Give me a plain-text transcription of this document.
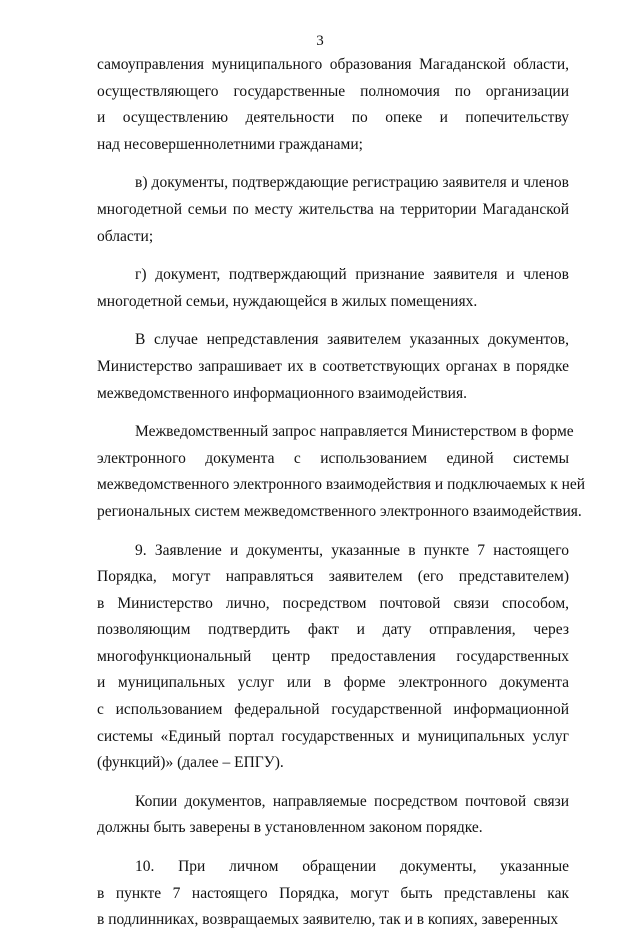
3
самоуправления муниципального образования Магаданской области,
осуществляющего государственные полномочия по организации
и осуществлению деятельности по опеке и попечительству
над несовершеннолетними гражданами;
в) документы, подтверждающие регистрацию заявителя и членов
многодетной семьи по месту жительства на территории Магаданской
области;
г) документ, подтверждающий признание заявителя и членов
многодетной семьи, нуждающейся в жилых помещениях.
В случае непредставления заявителем указанных документов,
Министерство запрашивает их в соответствующих органах в порядке
межведомственного информационного взаимодействия.
Межведомственный запрос направляется Министерством в форме
электронного документа с использованием единой системы
межведомственного электронного взаимодействия и подключаемых к ней
региональных систем межведомственного электронного взаимодействия.
9. Заявление и документы, указанные в пункте 7 настоящего
Порядка, могут направляться заявителем (его представителем)
в Министерство лично, посредством почтовой связи способом,
позволяющим подтвердить факт и дату отправления, через
многофункциональный центр предоставления государственных
и муниципальных услуг или в форме электронного документа
с использованием федеральной государственной информационной
системы «Единый портал государственных и муниципальных услуг
(функций)» (далее – ЕПГУ).
Копии документов, направляемые посредством почтовой связи
должны быть заверены в установленном законом порядке.
10. При личном обращении документы, указанные
в пункте 7 настоящего Порядка, могут быть представлены как
в подлинниках, возвращаемых заявителю, так и в копиях, заверенных
